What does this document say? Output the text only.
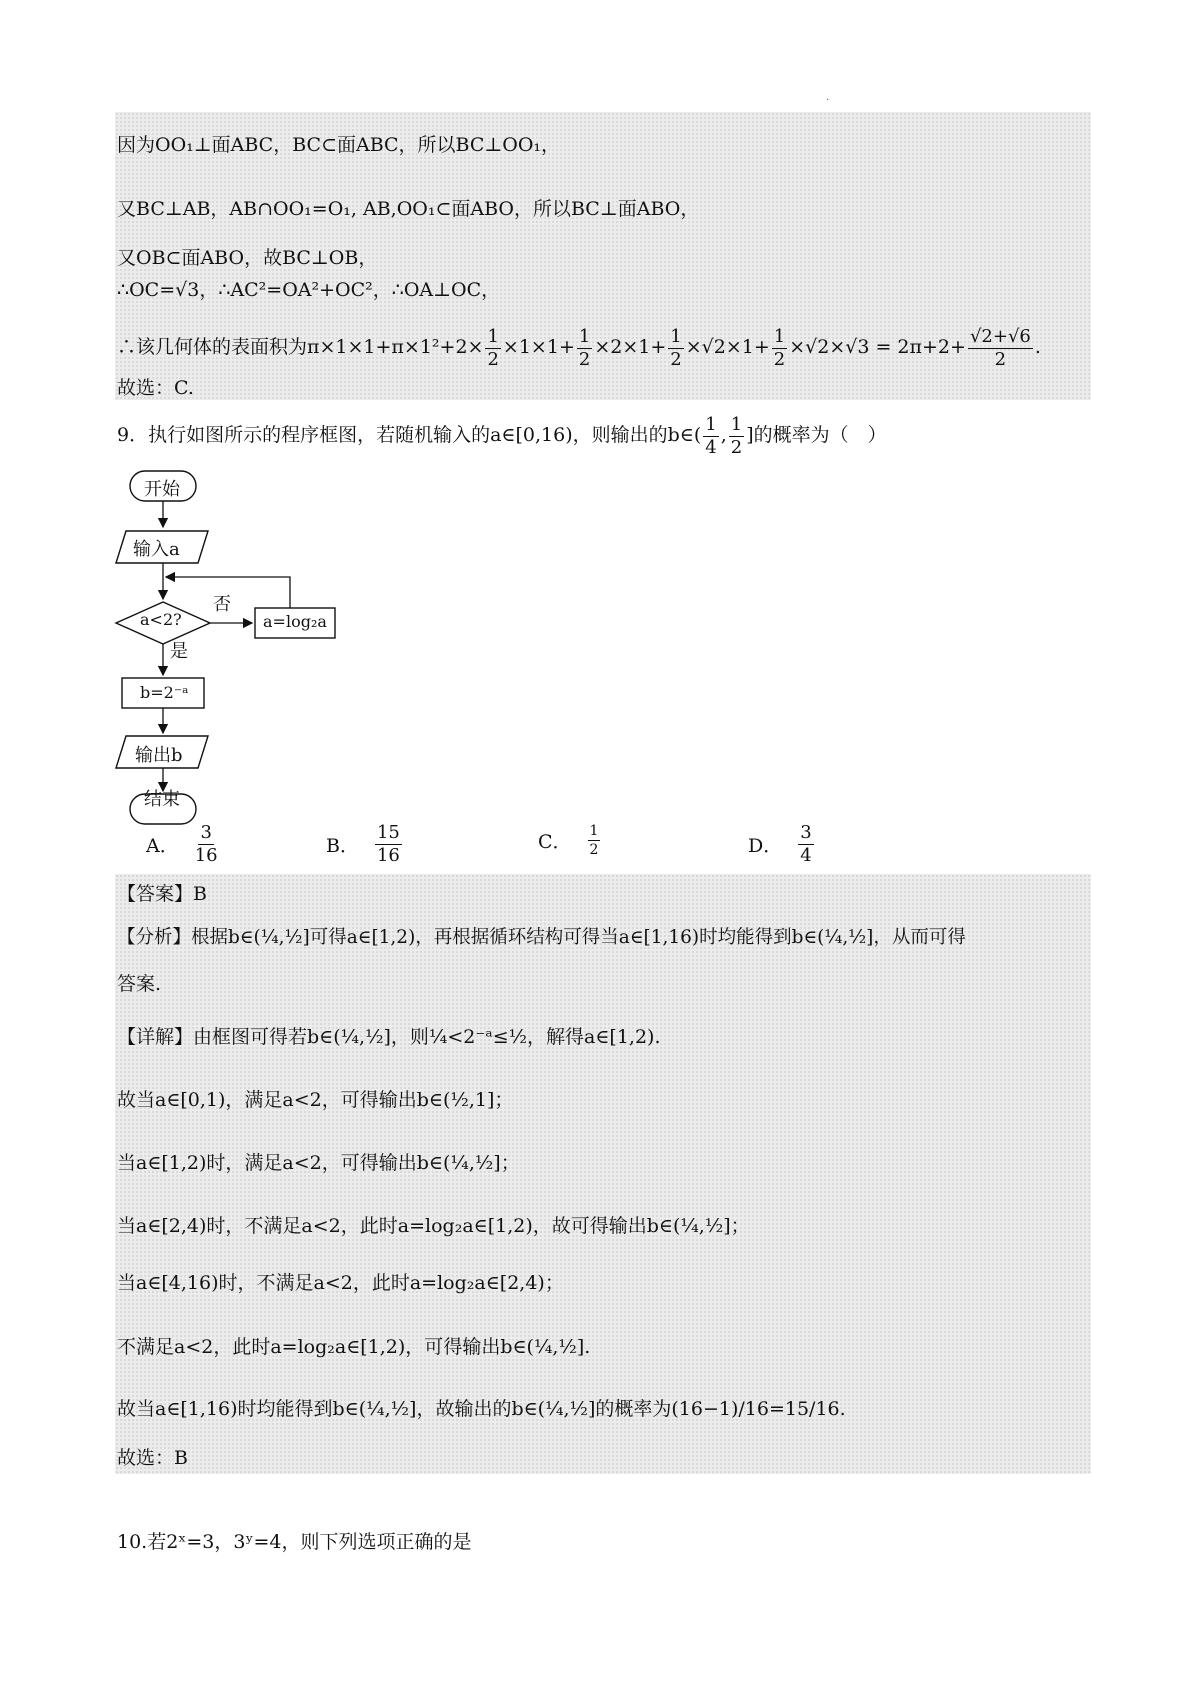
·
因为OO₁⊥面ABC，BC⊂面ABC，所以BC⊥OO₁，
又BC⊥AB，AB∩OO₁=O₁, AB,OO₁⊂面ABO，所以BC⊥面ABO，
又OB⊂面ABO，故BC⊥OB，
∴OC=√3，∴AC²=OA²+OC²，∴OA⊥OC，
∴该几何体的表面积为$\pi\times 1\times 1+\pi\times 1^2+2\times \frac{1}{2} \times 1\times 1+ \frac{1}{2} \times 2\times 1+ \frac{1}{2} \times√2\times 1+ \frac{1}{2} \times√2\times√3 = 2\pi+2+ \frac{√2+√6}{2}$ .
故选：C.
9．执行如图所示的程序框图，若随机输入的a∈[0,16)，则输出的b∈( $\frac{1}{4}$ , $\frac{1}{2}$ ]的概率为（　）
开始
输入a
a<2?
否
a=log₂a
是
b=2⁻ᵃ
输出b
结束
A． $\frac{3}{16}$	B． $\frac{15}{16}$	C． $\frac{1}{2}$	D． $\frac{3}{4}$
【答案】B
【分析】根据b∈(¼,½]可得a∈[1,2)，再根据循环结构可得当a∈[1,16)时均能得到b∈(¼,½]，从而可得
答案.
【详解】由框图可得若b∈(¼,½]，则¼<2⁻ᵃ≤½，解得a∈[1,2).
故当a∈[0,1)，满足a<2，可得输出b∈(½,1]；
当a∈[1,2)时，满足a<2，可得输出b∈(¼,½]；
当a∈[2,4)时，不满足a<2，此时a=log₂a∈[1,2)，故可得输出b∈(¼,½]；
当a∈[4,16)时，不满足a<2，此时a=log₂a∈[2,4)；
不满足a<2，此时a=log₂a∈[1,2)，可得输出b∈(¼,½].
故当a∈[1,16)时均能得到b∈(¼,½]，故输出的b∈(¼,½]的概率为(16−1)/16=15/16.
故选：B
10.若2ˣ=3，3ʸ=4，则下列选项正确的是
